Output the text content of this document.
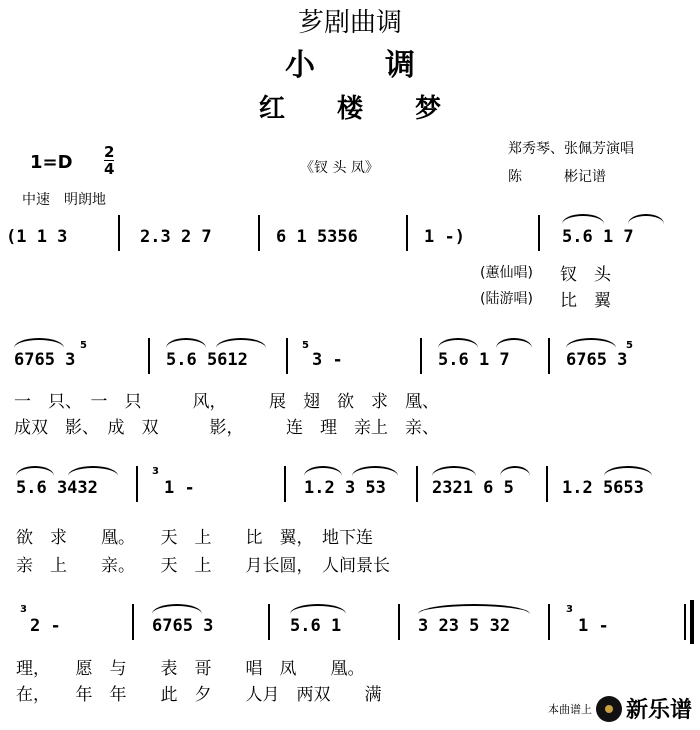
芗剧曲调
小调
红楼梦
1=D 2
4
中速　明朗地
《钗 头 凤》
郑秀琴、张佩芳演唱
陈　　　彬记谱
(1 1 3	2.3 2 7	6 1 5356	1 -)	5.6 1 7
(蕙仙唱)
(陆游唱)
钗　头
比　翼
6765 3
5
5.6 5612
5
3 -	5.6 1 7
5
6765 3
一　只、　一　只　　　风，　　　展　翅　欲　求　凰、
成双　影、　成　双　　　影，　　　连　理　亲上　亲、
5.6 3432
3
1 -	1.2 3 53	2321 6 5	1.2 5653
欲　求　　凰。　　天　上　　比　翼，　地下连
亲　上　　亲。　　天　上　　月长圆，　人间景长
3
2 -	6765 3	5.6 1	3 23 5 32
3
1 -
理，　　愿　与　　表　哥　　唱　凤　　凰。
在，　　年　年　　此　夕　　人月　两双　　满
本曲谱上 新乐谱
